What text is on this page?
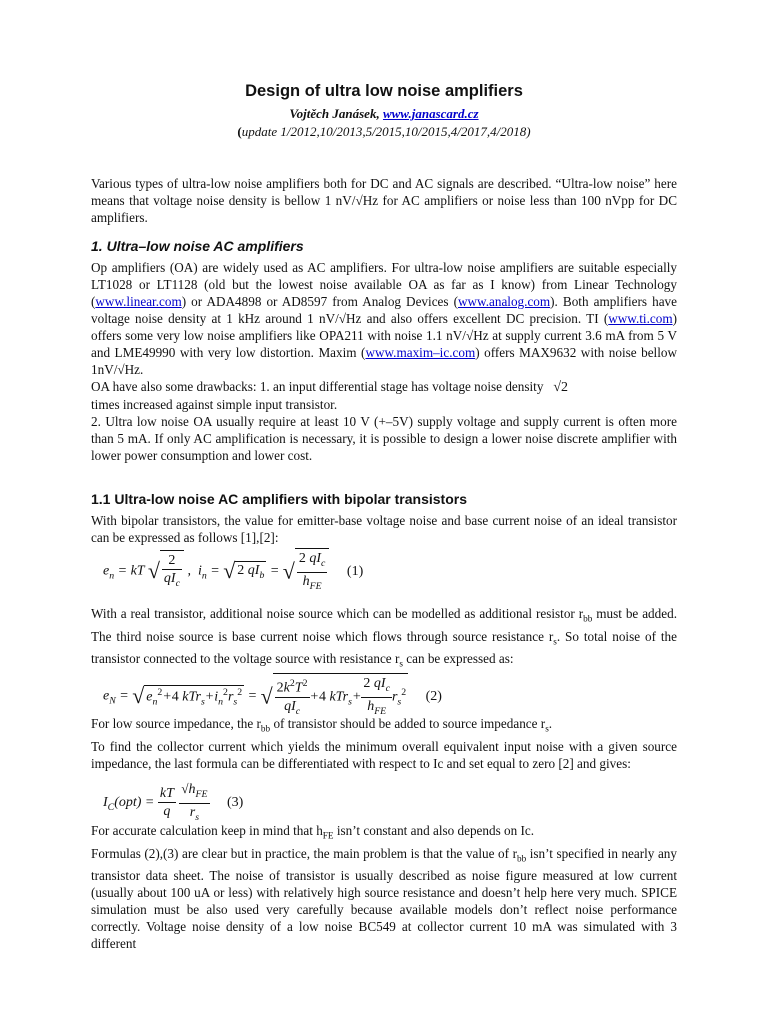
Design of ultra low noise amplifiers
Vojtěch Janásek, www.janascard.cz
(update 1/2012,10/2013,5/2015,10/2015,4/2017,4/2018)

Various types of ultra-low noise amplifiers both for DC and AC signals are described. “Ultra-low noise” here means that voltage noise density is bellow 1 nV/√Hz for AC amplifiers or noise less than 100 nVpp for DC amplifiers.

1. Ultra–low noise AC amplifiers

Op amplifiers (OA) are widely used as AC amplifiers. For ultra-low noise amplifiers are suitable especially LT1028 or LT1128 (old but the lowest noise available OA as far as I know) from Linear Technology (www.linear.com) or ADA4898 or AD8597 from Analog Devices (www.analog.com). Both amplifiers have voltage noise density at 1 kHz around 1 nV/√Hz and also offers excellent DC precision. TI (www.ti.com) offers some very low noise amplifiers like OPA211 with noise 1.1 nV/√Hz at supply current 3.6 mA from 5 V and LME49990 with very low distortion. Maxim (www.maxim–ic.com) offers MAX9632 with noise bellow 1nV/√Hz.

OA have also some drawbacks: 1. an input differential stage has voltage noise density √2

times increased against simple input transistor.

2. Ultra low noise OA usually require at least 10 V (+–5V) supply voltage and supply current is often more than 5 mA. If only AC amplification is necessary, it is possible to design a lower noise discrete amplifier with lower power consumption and lower cost.

1.1 Ultra-low noise AC amplifiers with bipolar transistors

With bipolar transistors, the value for emitter-base voltage noise and base current noise of an ideal transistor can be expressed as follows [1],[2]:

$e_n$ = kT √ $\frac{2}{qI_c}$ ,  $i_n$ = √ 2 $qI_b$ = √ $\frac{2 qI_c}{h_{FE}} (1)$

With a real transistor, additional noise source which can be modelled as additional resistor $r_{bb}$ must be added. The third noise source is base current noise which flows through source resistance $r_s$. So total noise of the transistor connected to the voltage source with resistance $r_s$ can be expressed as:

$e_N$ = √ $e_n^2+4$ $kTr_s+i_n^2r_s^2$ = √ $\frac{2k^2T^2}{qI_c} +4$ $kTr_s+ \frac{2 qI_c}{h_{FE}} r_s^2$ (2)

For low source impedance, the $r_{bb}$ of transistor should be added to source impedance $r_s$.

To find the collector current which yields the minimum overall equivalent input noise with a given source impedance, the last formula can be differentiated with respect to Ic and set equal to zero [2] and gives:

$I_C(opt) = \frac{kT}{q}$
$\frac{√h_{FE}}{r_s} (3)$

For accurate calculation keep in mind that $h_{FE}$ isn’t constant and also depends on Ic.

Formulas (2),(3) are clear but in practice, the main problem is that the value of $r_{bb}$ isn’t specified in nearly any transistor data sheet. The noise of transistor is usually described as noise figure measured at low current (usually about 100 uA or less) with relatively high source resistance and doesn’t help here very much. SPICE simulation must be also used very carefully because available models don’t reflect noise performance correctly. Voltage noise density of a low noise BC549 at collector current 10 mA was simulated with 3 different
